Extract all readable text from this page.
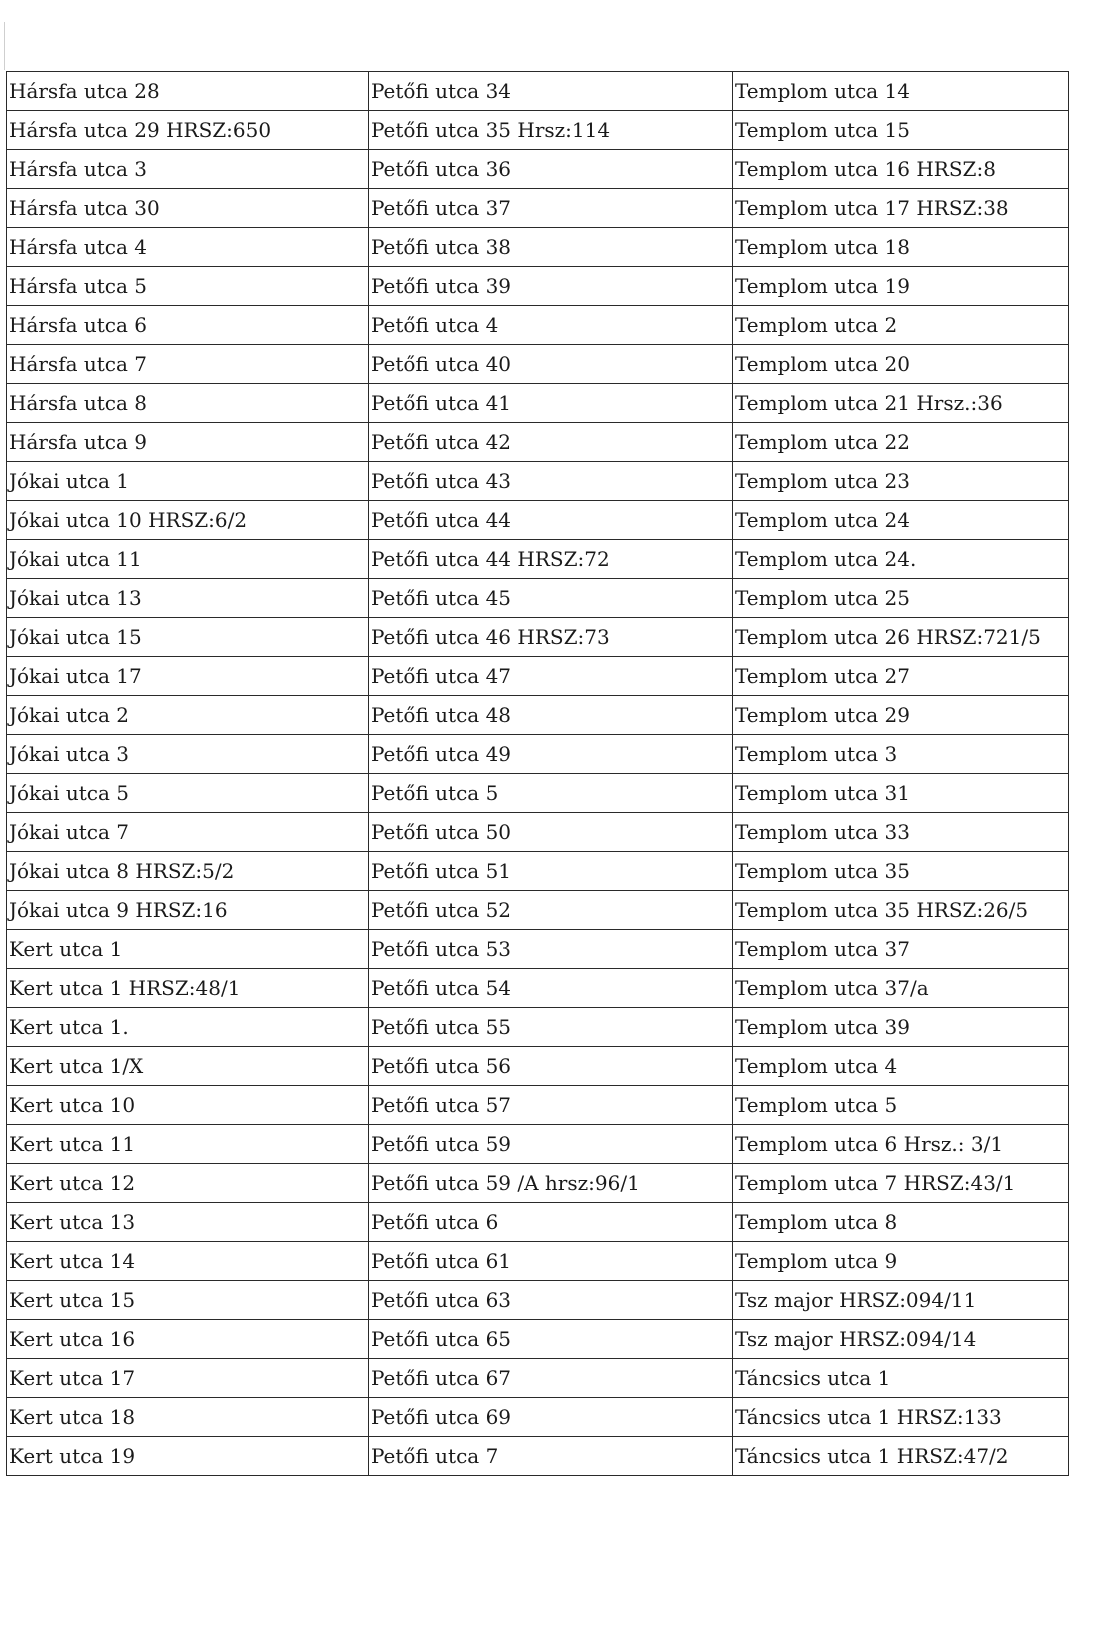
Hársfa utca 28	Petőfi utca 34	Templom utca 14
Hársfa utca 29 HRSZ:650	Petőfi utca 35 Hrsz:114	Templom utca 15
Hársfa utca 3	Petőfi utca 36	Templom utca 16 HRSZ:8
Hársfa utca 30	Petőfi utca 37	Templom utca 17 HRSZ:38
Hársfa utca 4	Petőfi utca 38	Templom utca 18
Hársfa utca 5	Petőfi utca 39	Templom utca 19
Hársfa utca 6	Petőfi utca 4	Templom utca 2
Hársfa utca 7	Petőfi utca 40	Templom utca 20
Hársfa utca 8	Petőfi utca 41	Templom utca 21 Hrsz.:36
Hársfa utca 9	Petőfi utca 42	Templom utca 22
Jókai utca 1	Petőfi utca 43	Templom utca 23
Jókai utca 10 HRSZ:6/2	Petőfi utca 44	Templom utca 24
Jókai utca 11	Petőfi utca 44 HRSZ:72	Templom utca 24.
Jókai utca 13	Petőfi utca 45	Templom utca 25
Jókai utca 15	Petőfi utca 46 HRSZ:73	Templom utca 26 HRSZ:721/5
Jókai utca 17	Petőfi utca 47	Templom utca 27
Jókai utca 2	Petőfi utca 48	Templom utca 29
Jókai utca 3	Petőfi utca 49	Templom utca 3
Jókai utca 5	Petőfi utca 5	Templom utca 31
Jókai utca 7	Petőfi utca 50	Templom utca 33
Jókai utca 8 HRSZ:5/2	Petőfi utca 51	Templom utca 35
Jókai utca 9 HRSZ:16	Petőfi utca 52	Templom utca 35 HRSZ:26/5
Kert utca 1	Petőfi utca 53	Templom utca 37
Kert utca 1 HRSZ:48/1	Petőfi utca 54	Templom utca 37/a
Kert utca 1.	Petőfi utca 55	Templom utca 39
Kert utca 1/X	Petőfi utca 56	Templom utca 4
Kert utca 10	Petőfi utca 57	Templom utca 5
Kert utca 11	Petőfi utca 59	Templom utca 6 Hrsz.: 3/1
Kert utca 12	Petőfi utca 59 /A hrsz:96/1	Templom utca 7 HRSZ:43/1
Kert utca 13	Petőfi utca 6	Templom utca 8
Kert utca 14	Petőfi utca 61	Templom utca 9
Kert utca 15	Petőfi utca 63	Tsz major HRSZ:094/11
Kert utca 16	Petőfi utca 65	Tsz major HRSZ:094/14
Kert utca 17	Petőfi utca 67	Táncsics utca 1
Kert utca 18	Petőfi utca 69	Táncsics utca 1 HRSZ:133
Kert utca 19	Petőfi utca 7	Táncsics utca 1 HRSZ:47/2
